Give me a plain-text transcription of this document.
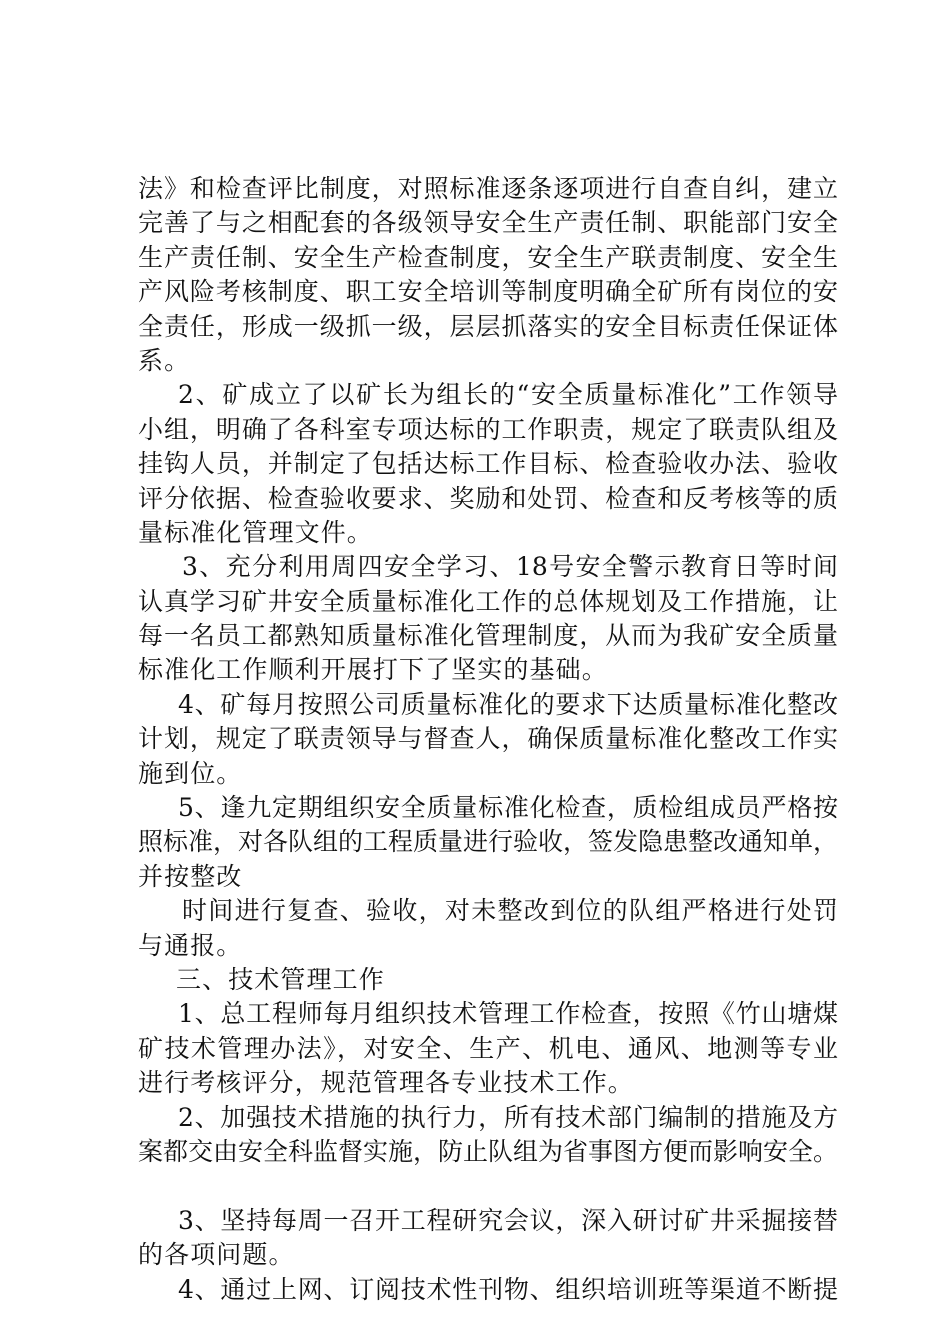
法》和检查评比制度，对照标准逐条逐项进行自查自纠，建立
完善了与之相配套的各级领导安全生产责任制、职能部门安全
生产责任制、安全生产检查制度，安全生产联责制度、安全生
产风险考核制度、职工安全培训等制度明确全矿所有岗位的安
全责任，形成一级抓一级，层层抓落实的安全目标责任保证体
系。
2、矿成立了以矿长为组长的“安全质量标准化”工作领导
小组，明确了各科室专项达标的工作职责，规定了联责队组及
挂钩人员，并制定了包括达标工作目标、检查验收办法、验收
评分依据、检查验收要求、奖励和处罚、检查和反考核等的质
量标准化管理文件。
3、充分利用周四安全学习、18号安全警示教育日等时间
认真学习矿井安全质量标准化工作的总体规划及工作措施，让
每一名员工都熟知质量标准化管理制度，从而为我矿安全质量
标准化工作顺利开展打下了坚实的基础。
4、矿每月按照公司质量标准化的要求下达质量标准化整改
计划，规定了联责领导与督查人，确保质量标准化整改工作实
施到位。
5、逢九定期组织安全质量标准化检查，质检组成员严格按
照标准，对各队组的工程质量进行验收，签发隐患整改通知单，
并按整改
时间进行复查、验收，对未整改到位的队组严格进行处罚
与通报。
三、技术管理工作
1、总工程师每月组织技术管理工作检查，按照《竹山塘煤
矿技术管理办法》，对安全、生产、机电、通风、地测等专业
进行考核评分，规范管理各专业技术工作。
2、加强技术措施的执行力，所有技术部门编制的措施及方
案都交由安全科监督实施，防止队组为省事图方便而影响安全。
3、坚持每周一召开工程研究会议，深入研讨矿井采掘接替
的各项问题。
4、通过上网、订阅技术性刊物、组织培训班等渠道不断提
